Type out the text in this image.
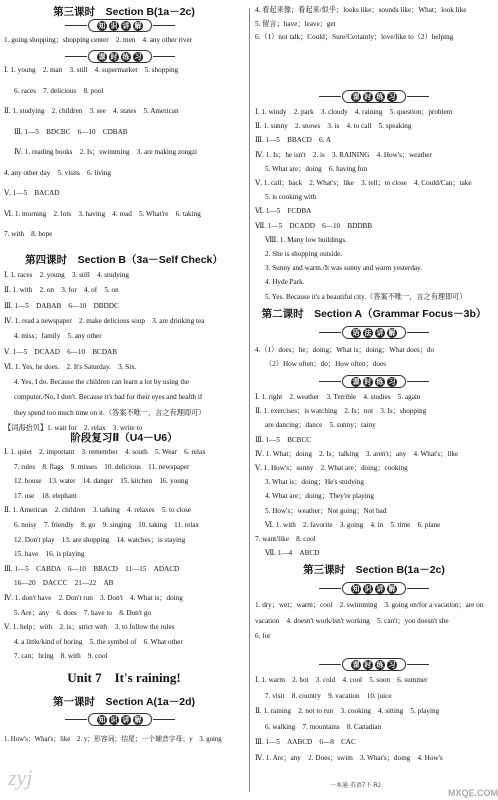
第三课时　Section B(1a－2c)
知 识 讲 解
1. going shopping；shopping center　2. men　4. any other river
课 时 练 习
Ⅰ. 1. young　2. man　3. still　4. supermarket　5. shopping
6. races　7. delicious　8. pool
Ⅱ. 1. studying　2. children　3. see　4. states　5. American
Ⅲ. 1—5　BDCBC　6—10　CDBAB
Ⅳ. 1. reading books　2. Is；swimming　3. are making zongzi
4. any other day　5. visits　6. living
Ⅴ. 1—5　BACAD
Ⅵ. 1. morning　2. lots　3. having　4. read　5. What're　6. taking
7. with　8. hope
第四课时　Section B（3a－Self Check）
Ⅰ. 1. races　2. young　3. still　4. studying
Ⅱ. 1. with　2. on　3. for　4. of　5. on
Ⅲ. 1—5　DABAB　6—10　DBDDC
Ⅳ. 1. read a newspaper　2. make delicious soup　3. are drinking tea
4. miss；family　5. any other
Ⅴ. 1—5　DCAAD　6—10　BCDAB
Ⅵ. 1. Yes, he does.　2. It's Saturday.　3. Six.
4. Yes, I do. Because the children can learn a lot by using the
computer./No, I don't. Because it's bad for their eyes and health if
they spend too much time on it.（答案不唯一，言之有理即可）
【词海拾贝】1. wait for　2. relax　3. write to
阶段复习Ⅱ（U4－U6）
Ⅰ. 1. quiet　2. important　3. remember　4. south　5. Wear　6. relax
7. rules　8. flags　9. misses　10. delicious　11. newspaper
12. house　13. water　14. danger　15. kitchen　16. young
17. use　18. elephant
Ⅱ. 1. American　2. children　3. talking　4. relaxes　5. to close
6. noisy　7. friendly　8. go　9. singing　10. taking　11. relax
12. Don't play　13. are shopping　14. watches；is staying
15. have　16. is playing
Ⅲ. 1—5　CABDA　6—10　BBACD　11—15　ADACD
16—20　DACCC　21—22　AB
Ⅳ. 1. don't have　2. Don't run　3. Don't　4. What is；doing
5. Are；any　6. does　7. have to　8. Don't go
Ⅴ. 1. help；with　2. is；strict with　3. to follow the rules
4. a little/kind of boring　5. the symbol of　6. What other
7. can；bring　8. with　9. cool
Unit 7　It's raining!
第一课时　Section A(1a－2d)
知 识 讲 解
1. How's；What's；like　2. y；形容词；结尾；一个辅音字母；y　3. going
zyj
4. 看起来像；看起来/似乎；looks like；sounds like；What；look like
5. 留言；have；leave；get
6.（1）not talk；Could；Sure/Certainly；love/like to（2）helping
课 时 练 习
Ⅰ. 1. windy　2. park　3. cloudy　4. raining　5. question；problem
Ⅱ. 1. sunny　2. snows　3. is　4. to call　5. speaking
Ⅲ. 1—5　BBACD　6. A
Ⅳ. 1. Is；he isn't　2. is　3. RAINING　4. How's；weather
5. What are；doing　6. having fun
Ⅴ. 1. call；back　2. What's；like　3. tell；to close　4. Could/Can；take
5. is cooking with
Ⅵ. 1—5　FCDBA
Ⅶ. 1—5　DCADD　6—10　BDDBB
Ⅷ. 1. Many low buildings.
2. She is shopping outside.
3. Sunny and warm./It was sunny and warm yesterday.
4. Hyde Park.
5. Yes. Because it's a beautiful city.（答案不唯一，言之有理即可）
第二课时　Section A（Grammar Focus－3b）
语 法 讲 解
4.（1）does；he；doing；What is；doing；What does；do
（2）How often；do；How often；does
课 时 练 习
Ⅰ. 1. right　2. weather　3. Terrible　4. studies　5. again
Ⅱ. 1. exercises；is watching　2. Is；not　3. Is；shopping
are dancing；dance　5. sunny；rainy
Ⅲ. 1—5　BCBCC
Ⅳ. 1. What；doing　2. Is；talking　3. aren't；any　4. What's；like
Ⅴ. 1. How's；sunny　2. What are；doing；cooking
3. What is；doing；He's studying
4. What are；doing；They're playing
5. How's；weather；Not going；Not bad
Ⅵ. 1. with　2. favorite　3. going　4. in　5. time　6. plane
7. want/like　8. cool
Ⅶ. 1—4　ABCD
第三课时　Section B(1a－2c)
知 识 讲 解
1. dry；wet；warm；cool　2. swimming　3. going on/for a vacation；are on
vacation　4. doesn't work/isn't working　5. can't；you doesn't she
6. for
课 时 练 习
Ⅰ. 1. warm　2. hot　3. cold　4. cool　5. soon　6. summer
7. visit　8. country　9. vacation　10. juice
Ⅱ. 1. raining　2. not to run　3. cooking　4. sitting　5. playing
6. walking　7. mountains　8. Canadian
Ⅲ. 1—5　AABCD　6—8　CAC
Ⅳ. 1. Are；any　2. Does；swim　3. What's；doing　4. How's
一本通·英语7下·RJ
MXQE.COM
